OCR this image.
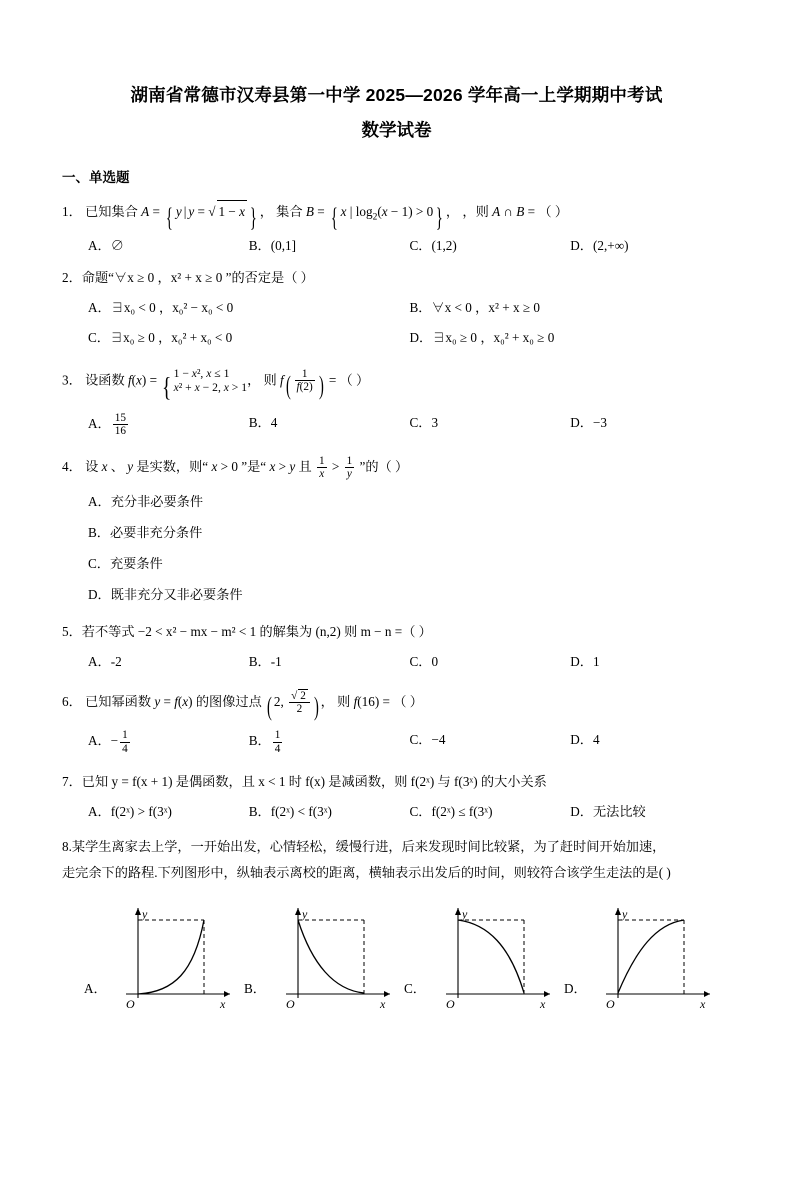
湖南省常德市汉寿县第一中学 2025—2026 学年高一上学期期中考试
数学试卷
一、单选题
1． 已知集合 A = { y | y = √ 1 − x } ， 集合 B = { x | $\log_2(x - 1) > 0$ } ， ，则 A ∩ B = （ ）
A．∅	B．(0,1]	C．(1,2)	D．(2,+∞)
2．命题“∀x ≥ 0 ，x² + x ≥ 0 ”的否定是（ ）
A．∃x₀ < 0 ，x₀² − x₀ < 0	B．∀x < 0 ，x² + x ≥ 0
C．∃x₀ ≥ 0 ，x₀² + x₀ < 0	D．∃x₀ ≥ 0 ，x₀² + x₀ ≥ 0
3． 设函数 f(x) = { 1 − x², x ≤ 1
x² + x − 2, x > 1， 则 $f( \frac{1}{f(2)}$ ) = （ ）
A． $\frac{15}{16}$	B．4	C．3	D．−3
4． 设 x 、 y 是实数，则“ x > 0 ”是“ x > y 且 $\frac{1}{x} > \frac{1}{y}$ ”的（ ）
A．充分非必要条件
B．必要非充分条件
C．充要条件
D．既非充分又非必要条件
5．若不等式 −2 < x² − mx − m² < 1 的解集为 (n,2) 则 m − n =（ ）
A．-2	B．-1	C．0	D．1
6． 已知幂函数 y = f(x) 的图像过点 ( 2, $\frac{√ 2}{2}$ ) ， 则 f(16) = （ ）
A．− $\frac{1}{4}$	B． $\frac{1}{4}$	C．−4	D．4
7．已知 y = f(x + 1) 是偶函数，且 x < 1 时 f(x) 是减函数，则 f(2ˣ) 与 f(3ˣ) 的大小关系
A．f(2ˣ) > f(3ˣ)	B．f(2ˣ) < f(3ˣ)	C．f(2ˣ) ≤ f(3ˣ)	D．无法比较
8.某学生离家去上学，一开始出发，心情轻松，缓慢行进，后来发现时间比较紧，为了赶时间开始加速，
走完余下的路程.下列图形中，纵轴表示离校的距离，横轴表示出发后的时间，则较符合该学生走法的是( )
A．
y
O	x
B．
y
O	x
C．
y
O	x
D．
y
O	x
